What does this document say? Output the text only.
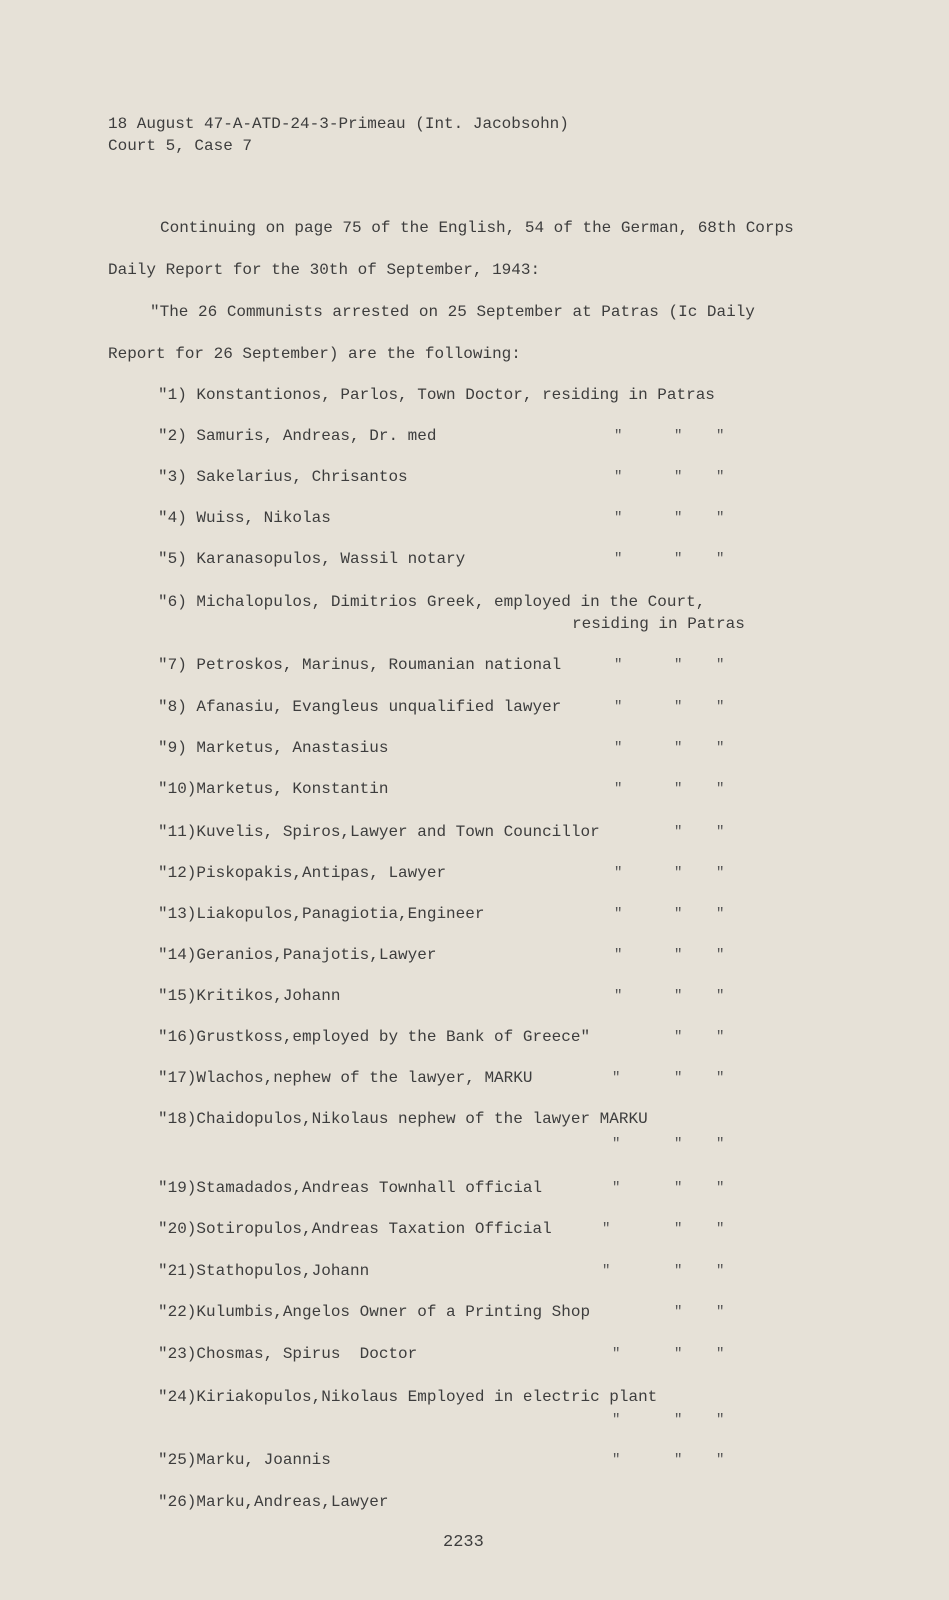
18 August 47-A-ATD-24-3-Primeau (Int. Jacobsohn)
Court 5, Case 7
Continuing on page 75 of the English, 54 of the German, 68th Corps
Daily Report for the 30th of September, 1943:
"The 26 Communists arrested on 25 September at Patras (Ic Daily
Report for 26 September) are the following:
"1) Konstantionos, Parlos, Town Doctor, residing in Patras
"2) Samuris, Andreas, Dr. med	"	" "
"3) Sakelarius, Chrisantos	"	" "
"4) Wuiss, Nikolas	"	" "
"5) Karanasopulos, Wassil notary	"	" "
"6) Michalopulos, Dimitrios Greek, employed in the Court,
residing in Patras
"7) Petroskos, Marinus, Roumanian national	"	" "
"8) Afanasiu, Evangleus unqualified lawyer	"	" "
"9) Marketus, Anastasius	"	" "
"10)Marketus, Konstantin	"	" "
"11)Kuvelis, Spiros,Lawyer and Town Councillor	" "
"12)Piskopakis,Antipas, Lawyer	"	" "
"13)Liakopulos,Panagiotia,Engineer	"	" "
"14)Geranios,Panajotis,Lawyer	"	" "
"15)Kritikos,Johann	"	" "
"16)Grustkoss,employed by the Bank of Greece"	" "
"17)Wlachos,nephew of the lawyer, MARKU	"	" "
"18)Chaidopulos,Nikolaus nephew of the lawyer MARKU
"	" "
"19)Stamadados,Andreas Townhall official	"	" "
"20)Sotiropulos,Andreas Taxation Official	"	" "
"21)Stathopulos,Johann	"	" "
"22)Kulumbis,Angelos Owner of a Printing Shop	" "
"23)Chosmas, Spirus  Doctor	"	" "
"24)Kiriakopulos,Nikolaus Employed in electric plant
"	" "
"25)Marku, Joannis	"	" "
"26)Marku,Andreas,Lawyer
2233
